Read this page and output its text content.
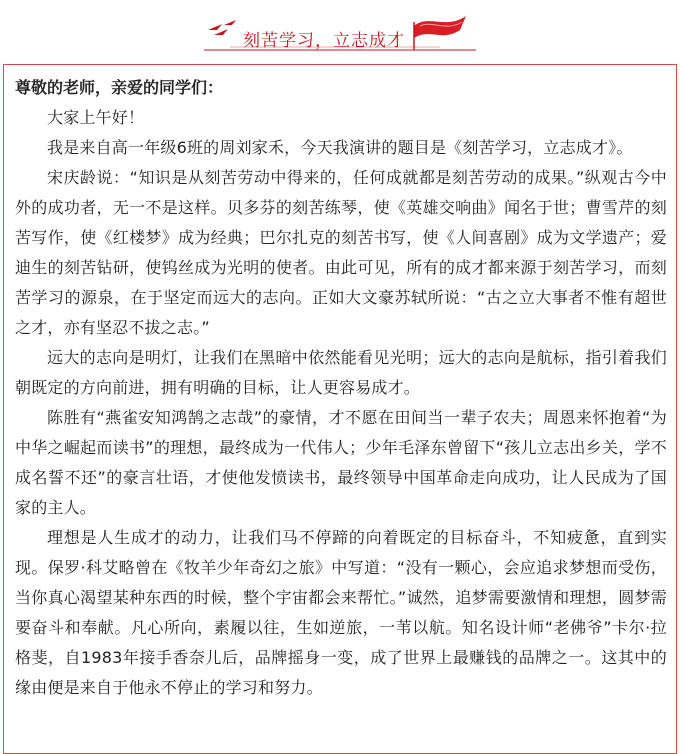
刻苦学习，立志成才

尊敬的老师，亲爱的同学们：

大家上午好！

我是来自高一年级6班的周刘家禾，今天我演讲的题目是《刻苦学习，立志成才》。

宋庆龄说：“知识是从刻苦劳动中得来的，任何成就都是刻苦劳动的成果。”纵观古今中外的成功者，无一不是这样。贝多芬的刻苦练琴，使《英雄交响曲》闻名于世；曹雪芹的刻苦写作，使《红楼梦》成为经典；巴尔扎克的刻苦书写，使《人间喜剧》成为文学遗产；爱迪生的刻苦钻研，使钨丝成为光明的使者。由此可见，所有的成才都来源于刻苦学习，而刻苦学习的源泉，在于坚定而远大的志向。正如大文豪苏轼所说：“古之立大事者不惟有超世之才，亦有坚忍不拔之志。”

远大的志向是明灯，让我们在黑暗中依然能看见光明；远大的志向是航标，指引着我们朝既定的方向前进，拥有明确的目标，让人更容易成才。

陈胜有“燕雀安知鸿鹄之志哉”的豪情，才不愿在田间当一辈子农夫；周恩来怀抱着“为中华之崛起而读书”的理想，最终成为一代伟人；少年毛泽东曾留下“孩儿立志出乡关，学不成名誓不还”的豪言壮语，才使他发愤读书，最终领导中国革命走向成功，让人民成为了国家的主人。

理想是人生成才的动力，让我们马不停蹄的向着既定的目标奋斗，不知疲惫，直到实现。保罗·科艾略曾在《牧羊少年奇幻之旅》中写道：“没有一颗心，会应追求梦想而受伤，当你真心渴望某种东西的时候，整个宇宙都会来帮忙。”诚然，追梦需要激情和理想，圆梦需要奋斗和奉献。凡心所向，素履以往，生如逆旅，一苇以航。知名设计师“老佛爷”卡尔·拉格斐，自1983年接手香奈儿后，品牌摇身一变，成了世界上最赚钱的品牌之一。这其中的缘由便是来自于他永不停止的学习和努力。
